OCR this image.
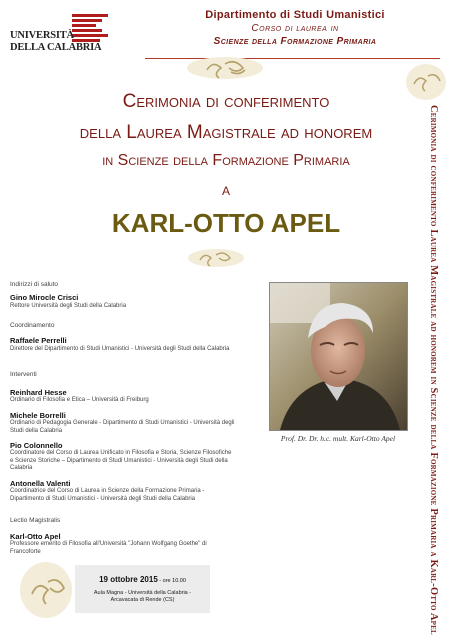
UNIVERSITÀ
DELLA CALABRIA
Dipartimento di Studi Umanistici
Corso di laurea in
Scienze della Formazione Primaria
Cerimonia di conferimento
della Laurea Magistrale ad honorem
in Scienze della Formazione Primaria
a
KARL-OTTO APEL	Cerimonia di conferimento Laurea Magistrale ad honorem in Scienze della Formazione Primaria a Karl-Otto Apel
Indirizzi di saluto
Gino Mirocle Crisci
Rettore Università degli Studi della Calabria
Coordinamento
Raffaele Perrelli
Direttore del Dipartimento di Studi Umanistici - Università degli Studi della Calabria
Interventi
Reinhard Hesse
Ordinario di Filosofia e Etica – Università di Freiburg
Michele Borrelli
Ordinario di Pedagogia Generale - Dipartimento di Studi Umanistici - Università degli Studi della Calabria
Pio Colonnello
Coordinatore del Corso di Laurea Unificato in Filosofia e Storia, Scienze Filosofiche e Scienze Storiche – Dipartimento di Studi Umanistici - Università degli Studi della Calabria
Antonella Valenti
Coordinatrice del Corso di Laurea in Scienze della Formazione Primaria - Dipartimento di Studi Umanistici - Università degli Studi della Calabria
Lectio Magistralis
Karl-Otto Apel
Professore emerito di Filosofia all'Università "Johann Wolfgang Goethe" di Francoforte
Prof. Dr. Dr. h.c. mult. Karl-Otto Apel
19 ottobre 2015 - ore 10.00
Aula Magna - Università della Calabria -
Arcavacata di Rende (CS)
